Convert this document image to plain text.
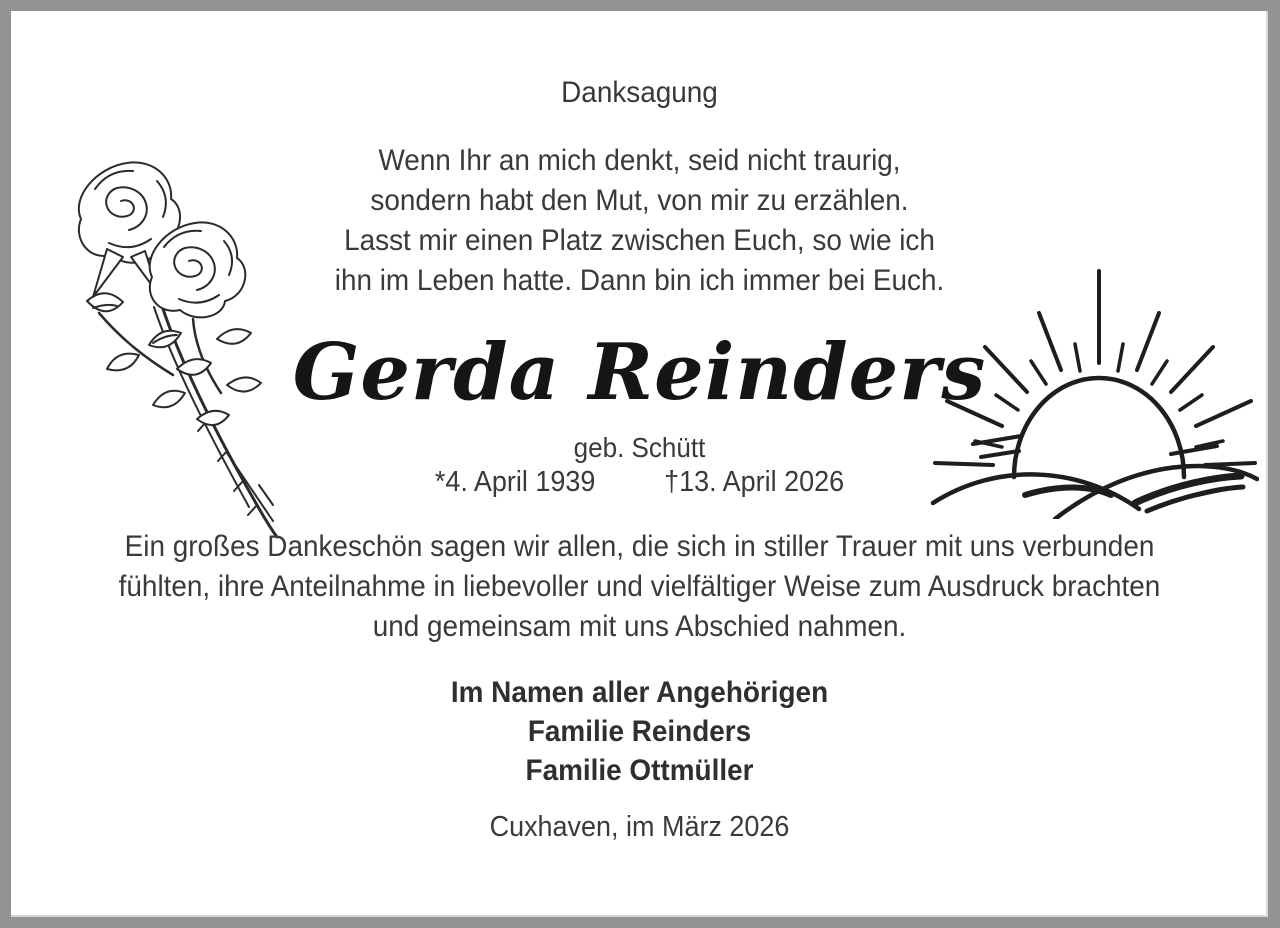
Danksagung
Wenn Ihr an mich denkt, seid nicht traurig,
sondern habt den Mut, von mir zu erzählen.
Lasst mir einen Platz zwischen Euch, so wie ich
ihn im Leben hatte. Dann bin ich immer bei Euch.
Gerda Reinders
geb. Schütt
*4. April 1939 †13. April 2026
Ein großes Dankeschön sagen wir allen, die sich in stiller Trauer mit uns verbunden
fühlten, ihre Anteilnahme in liebevoller und vielfältiger Weise zum Ausdruck brachten
und gemeinsam mit uns Abschied nahmen.
Im Namen aller Angehörigen
Familie Reinders
Familie Ottmüller
Cuxhaven, im März 2026
